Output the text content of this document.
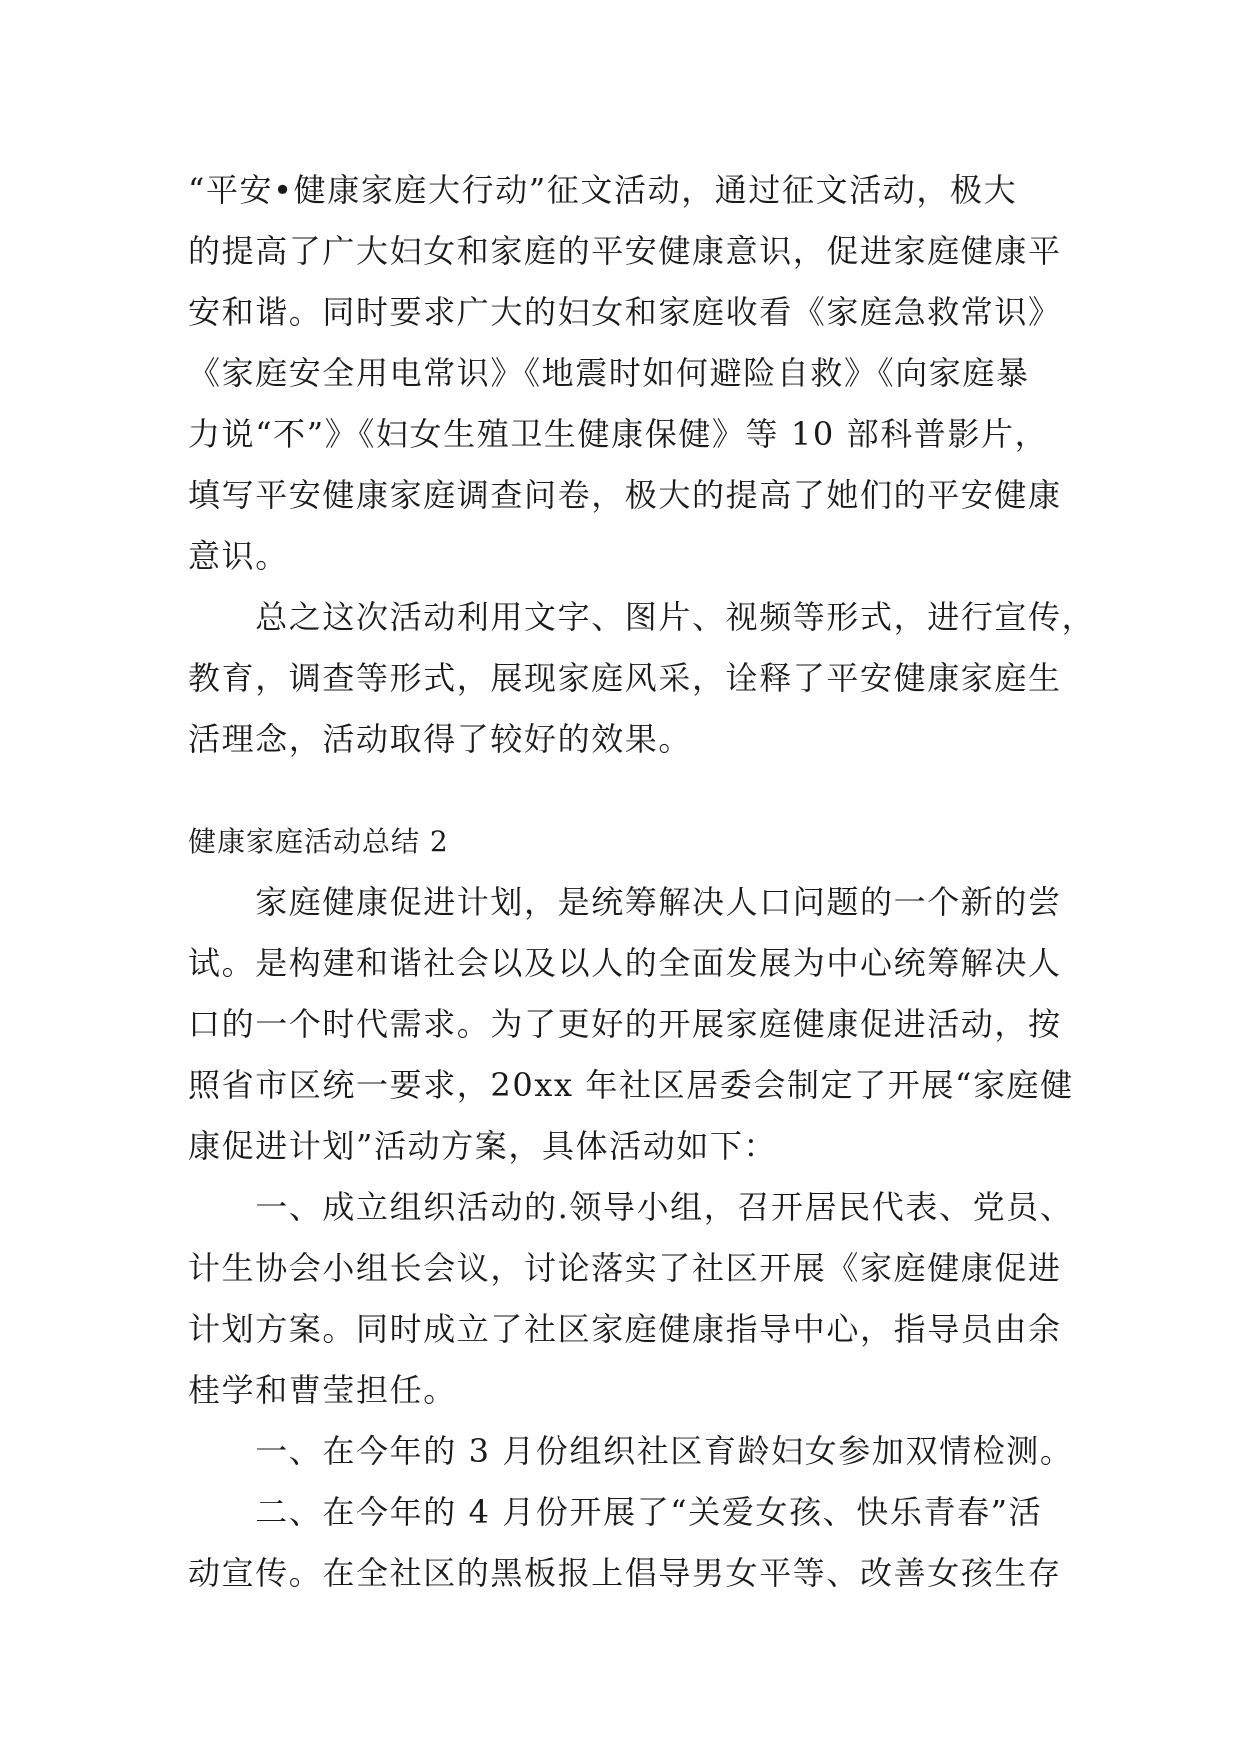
“平安•健康家庭大行动”征文活动，通过征文活动，极大
的提高了广大妇女和家庭的平安健康意识，促进家庭健康平
安和谐。同时要求广大的妇女和家庭收看《家庭急救常识》
《家庭安全用电常识》《地震时如何避险自救》《向家庭暴
力说“不”》《妇女生殖卫生健康保健》等 10 部科普影片，
填写平安健康家庭调查问卷，极大的提高了她们的平安健康
意识。
　　总之这次活动利用文字、图片、视频等形式，进行宣传，
教育，调查等形式，展现家庭风采，诠释了平安健康家庭生
活理念，活动取得了较好的效果。
健康家庭活动总结 2
　　家庭健康促进计划，是统筹解决人口问题的一个新的尝
试。是构建和谐社会以及以人的全面发展为中心统筹解决人
口的一个时代需求。为了更好的开展家庭健康促进活动，按
照省市区统一要求，20xx 年社区居委会制定了开展“家庭健
康促进计划”活动方案，具体活动如下：
　　一、成立组织活动的.领导小组，召开居民代表、党员、
计生协会小组长会议，讨论落实了社区开展《家庭健康促进
计划方案。同时成立了社区家庭健康指导中心，指导员由余
桂学和曹莹担任。
　　一、在今年的 3 月份组织社区育龄妇女参加双情检测。
　　二、在今年的 4 月份开展了“关爱女孩、快乐青春”活
动宣传。在全社区的黑板报上倡导男女平等、改善女孩生存
